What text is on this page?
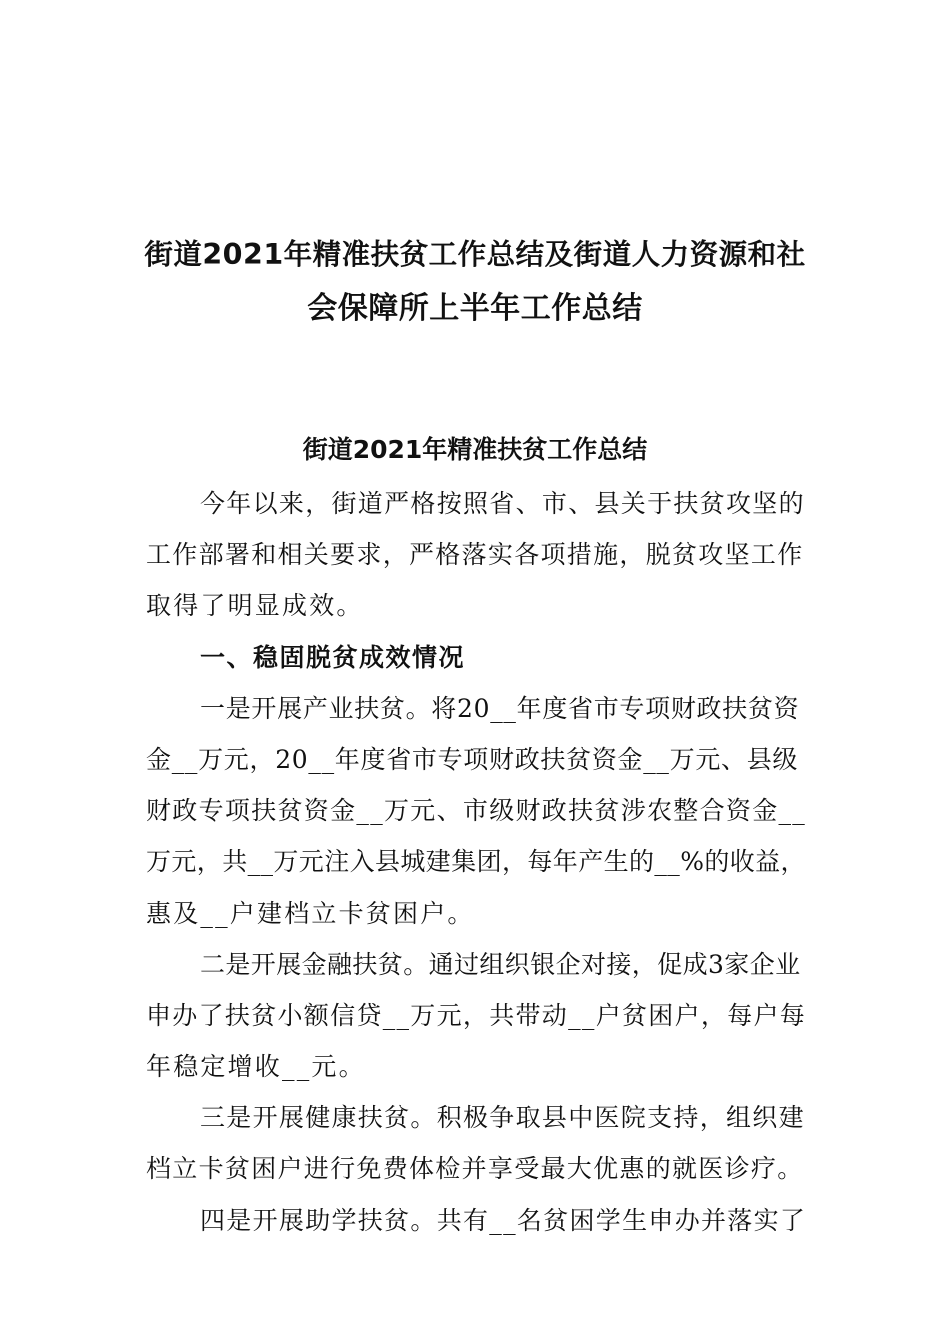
街道2021年精准扶贫工作总结及街道人力资源和社
会保障所上半年工作总结
街道2021年精准扶贫工作总结
今年以来，街道严格按照省、市、县关于扶贫攻坚的
工作部署和相关要求，严格落实各项措施，脱贫攻坚工作
取得了明显成效。
一、稳固脱贫成效情况
一是开展产业扶贫。将20__年度省市专项财政扶贫资
金__万元，20__年度省市专项财政扶贫资金__万元、县级
财政专项扶贫资金__万元、市级财政扶贫涉农整合资金__
万元，共__万元注入县城建集团，每年产生的__%的收益，
惠及__户建档立卡贫困户。
二是开展金融扶贫。通过组织银企对接，促成3家企业
申办了扶贫小额信贷__万元，共带动__户贫困户，每户每
年稳定增收__元。
三是开展健康扶贫。积极争取县中医院支持，组织建
档立卡贫困户进行免费体检并享受最大优惠的就医诊疗。
四是开展助学扶贫。共有__名贫困学生申办并落实了
